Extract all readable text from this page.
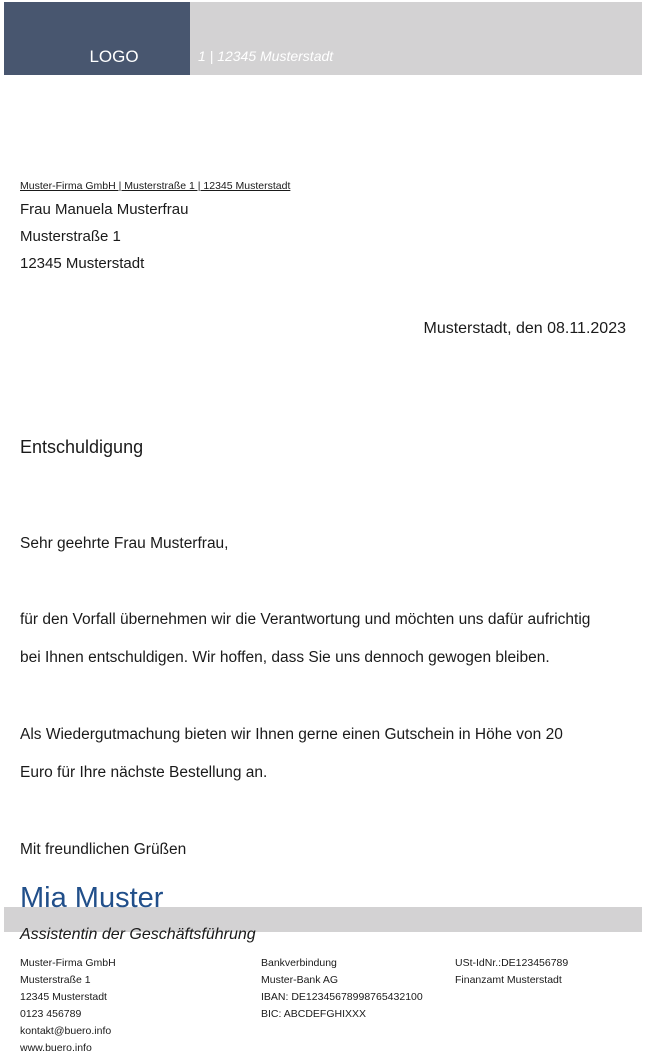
1 | 12345 Musterstadt
· · · · ·
LOGO
Muster-Firma GmbH | Musterstraße 1 | 12345 Musterstadt
Frau Manuela Musterfrau
Musterstraße 1
12345 Musterstadt
Musterstadt, den 08.11.2023
Entschuldigung
Sehr geehrte Frau Musterfrau,
für den Vorfall übernehmen wir die Verantwortung und möchten uns dafür aufrichtig
bei Ihnen entschuldigen. Wir hoffen, dass Sie uns dennoch gewogen bleiben.
Als Wiedergutmachung bieten wir Ihnen gerne einen Gutschein in Höhe von 20
Euro für Ihre nächste Bestellung an.
Mit freundlichen Grüßen
Mia Muster
Assistentin der Geschäftsführung
Muster-Firma GmbH
Musterstraße 1
12345 Musterstadt
0123 456789
kontakt@buero.info
www.buero.info
Bankverbindung
Muster-Bank AG
IBAN: DE12345678998765432100
BIC: ABCDEFGHIXXX
USt-IdNr.:DE123456789
Finanzamt Musterstadt
